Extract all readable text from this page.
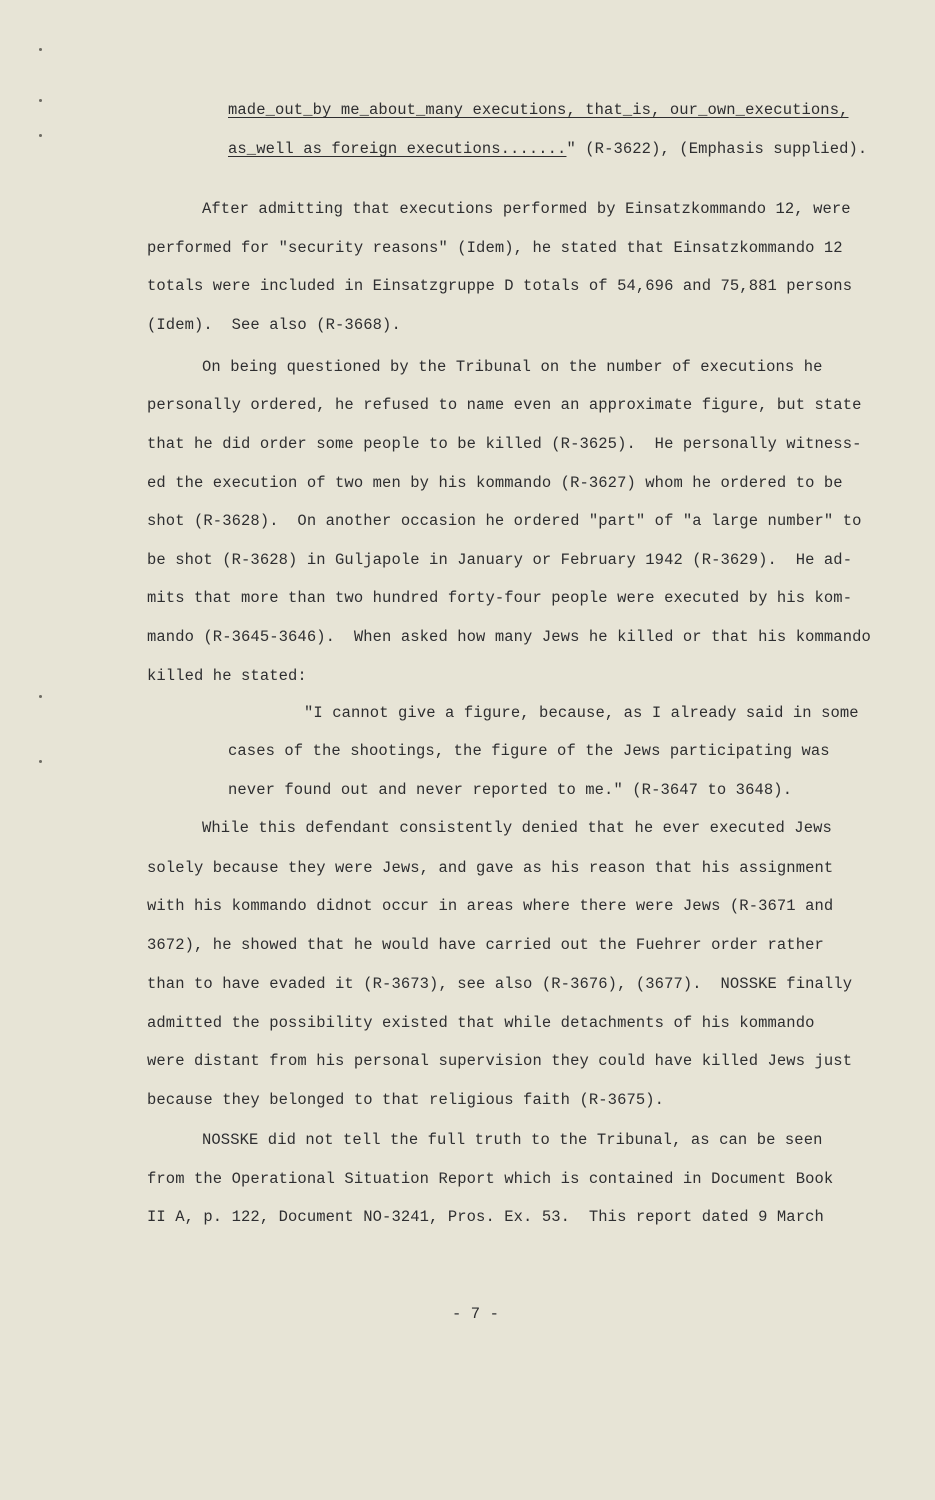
made_out_by me_about_many executions, that_is, our_own_executions,
as_well as foreign executions......." (R-3622), (Emphasis supplied).
After admitting that executions performed by Einsatzkommando 12, were
performed for "security reasons" (Idem), he stated that Einsatzkommando 12
totals were included in Einsatzgruppe D totals of 54,696 and 75,881 persons
(Idem).  See also (R-3668).
On being questioned by the Tribunal on the number of executions he
personally ordered, he refused to name even an approximate figure, but state
that he did order some people to be killed (R-3625).  He personally witness-
ed the execution of two men by his kommando (R-3627) whom he ordered to be
shot (R-3628).  On another occasion he ordered "part" of "a large number" to
be shot (R-3628) in Guljapole in January or February 1942 (R-3629).  He ad-
mits that more than two hundred forty-four people were executed by his kom-
mando (R-3645-3646).  When asked how many Jews he killed or that his kommando
killed he stated:
"I cannot give a figure, because, as I already said in some
cases of the shootings, the figure of the Jews participating was
never found out and never reported to me." (R-3647 to 3648).
While this defendant consistently denied that he ever executed Jews
solely because they were Jews, and gave as his reason that his assignment
with his kommando didnot occur in areas where there were Jews (R-3671 and
3672), he showed that he would have carried out the Fuehrer order rather
than to have evaded it (R-3673), see also (R-3676), (3677).  NOSSKE finally
admitted the possibility existed that while detachments of his kommando
were distant from his personal supervision they could have killed Jews just
because they belonged to that religious faith (R-3675).
NOSSKE did not tell the full truth to the Tribunal, as can be seen
from the Operational Situation Report which is contained in Document Book
II A, p. 122, Document NO-3241, Pros. Ex. 53.  This report dated 9 March
- 7 -
